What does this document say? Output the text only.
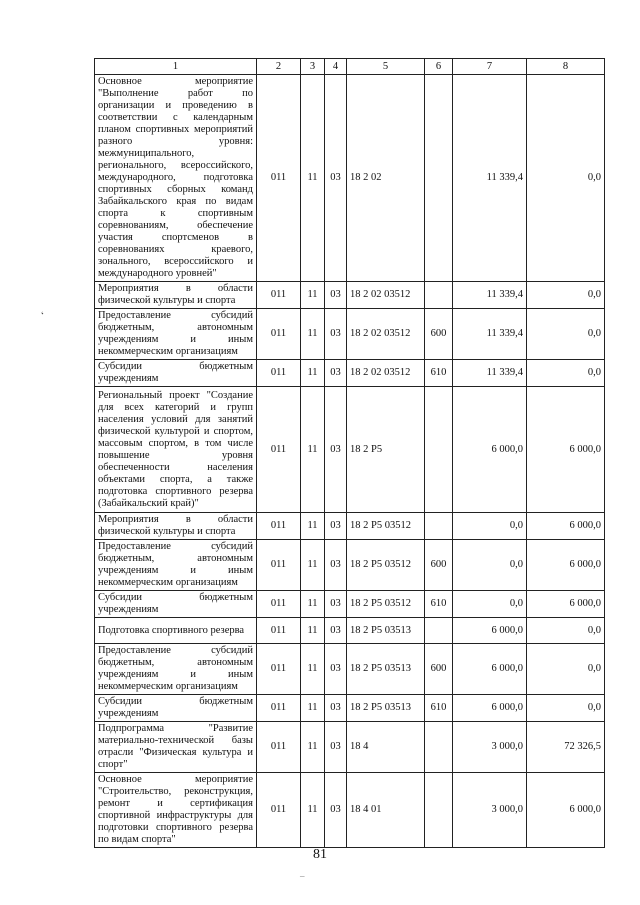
‘
1	2	3	4	5	6	7	8
Основное мероприятие "Выполнение работ по организации и проведению в соответствии с календарным планом спортивных мероприятий разного уровня: межмуниципального, регионального, всероссийского, международного, подготовка спортивных сборных команд Забайкальского края по видам спорта к спортивным соревнованиям, обеспечение участия спортсменов в соревнованиях краевого, зонального, всероссийского и международного уровней"	011	11	03	18 2 02		11 339,4	0,0
Мероприятия в области физической культуры и спорта	011	11	03	18 2 02 03512		11 339,4	0,0
Предоставление субсидий бюджетным, автономным учреждениям и иным некоммерческим организациям	011	11	03	18 2 02 03512	600	11 339,4	0,0
Субсидии бюджетным учреждениям	011	11	03	18 2 02 03512	610	11 339,4	0,0
Региональный проект "Создание для всех категорий и групп населения условий для занятий физической культурой и спортом, массовым спортом, в том числе повышение уровня обеспеченности населения объектами спорта, а также подготовка спортивного резерва (Забайкальский край)"	011	11	03	18 2 P5		6 000,0	6 000,0
Мероприятия в области физической культуры и спорта	011	11	03	18 2 P5 03512		0,0	6 000,0
Предоставление субсидий бюджетным, автономным учреждениям и иным некоммерческим организациям	011	11	03	18 2 P5 03512	600	0,0	6 000,0
Субсидии бюджетным учреждениям	011	11	03	18 2 P5 03512	610	0,0	6 000,0
Подготовка спортивного резерва	011	11	03	18 2 P5 03513		6 000,0	0,0
Предоставление субсидий бюджетным, автономным учреждениям и иным некоммерческим организациям	011	11	03	18 2 P5 03513	600	6 000,0	0,0
Субсидии бюджетным учреждениям	011	11	03	18 2 P5 03513	610	6 000,0	0,0
Подпрограмма "Развитие материально-технической базы отрасли "Физическая культура и спорт"	011	11	03	18 4		3 000,0	72 326,5
Основное мероприятие "Строительство, реконструкция, ремонт и сертификация спортивной инфраструктуры для подготовки спортивного резерва по видам спорта"	011	11	03	18 4 01		3 000,0	6 000,0
81
–
